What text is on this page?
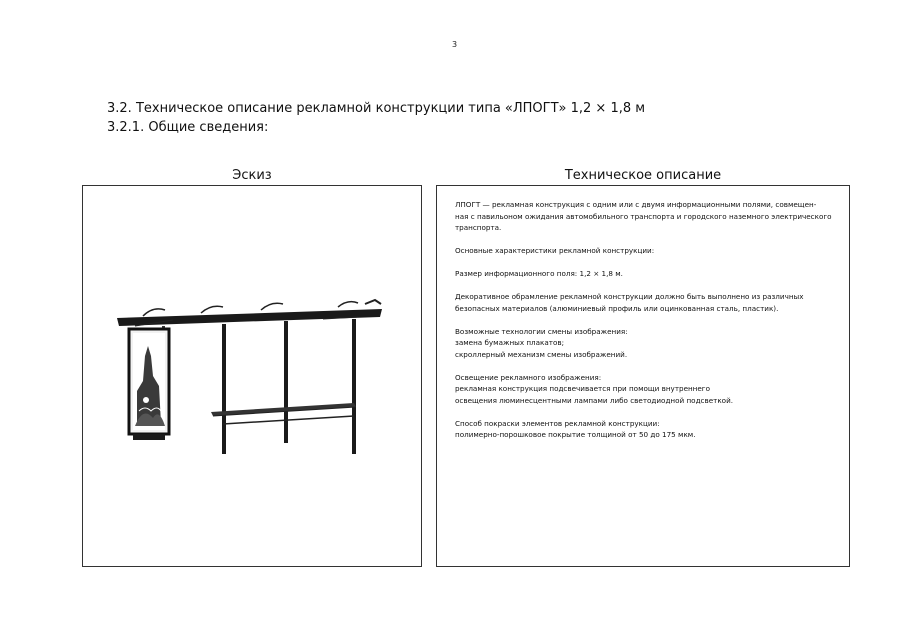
3
3.2. Техническое описание рекламной конструкции типа «ЛПОГТ» 1,2 × 1,8 м
3.2.1. Общие сведения:
Эскиз	Техническое описание

ЛПОГТ — рекламная конструкция с одним или с двумя информационными полями, совмещен-
ная с павильоном ожидания автомобильного транспорта и городского наземного электрического
транспорта.

Основные характеристики рекламной конструкции:

Размер информационного поля: 1,2 × 1,8 м.

Декоративное обрамление рекламной конструкции должно быть выполнено из различных
безопасных материалов (алюминиевый профиль или оцинкованная сталь, пластик).

Возможные технологии смены изображения:
замена бумажных плакатов;
скроллерный механизм смены изображений.

Освещение рекламного изображения:
рекламная конструкция подсвечивается при помощи внутреннего
освещения люминесцентными лампами либо светодиодной подсветкой.

Способ покраски элементов рекламной конструкции:
полимерно-порошковое покрытие толщиной от 50 до 175 мкм.
